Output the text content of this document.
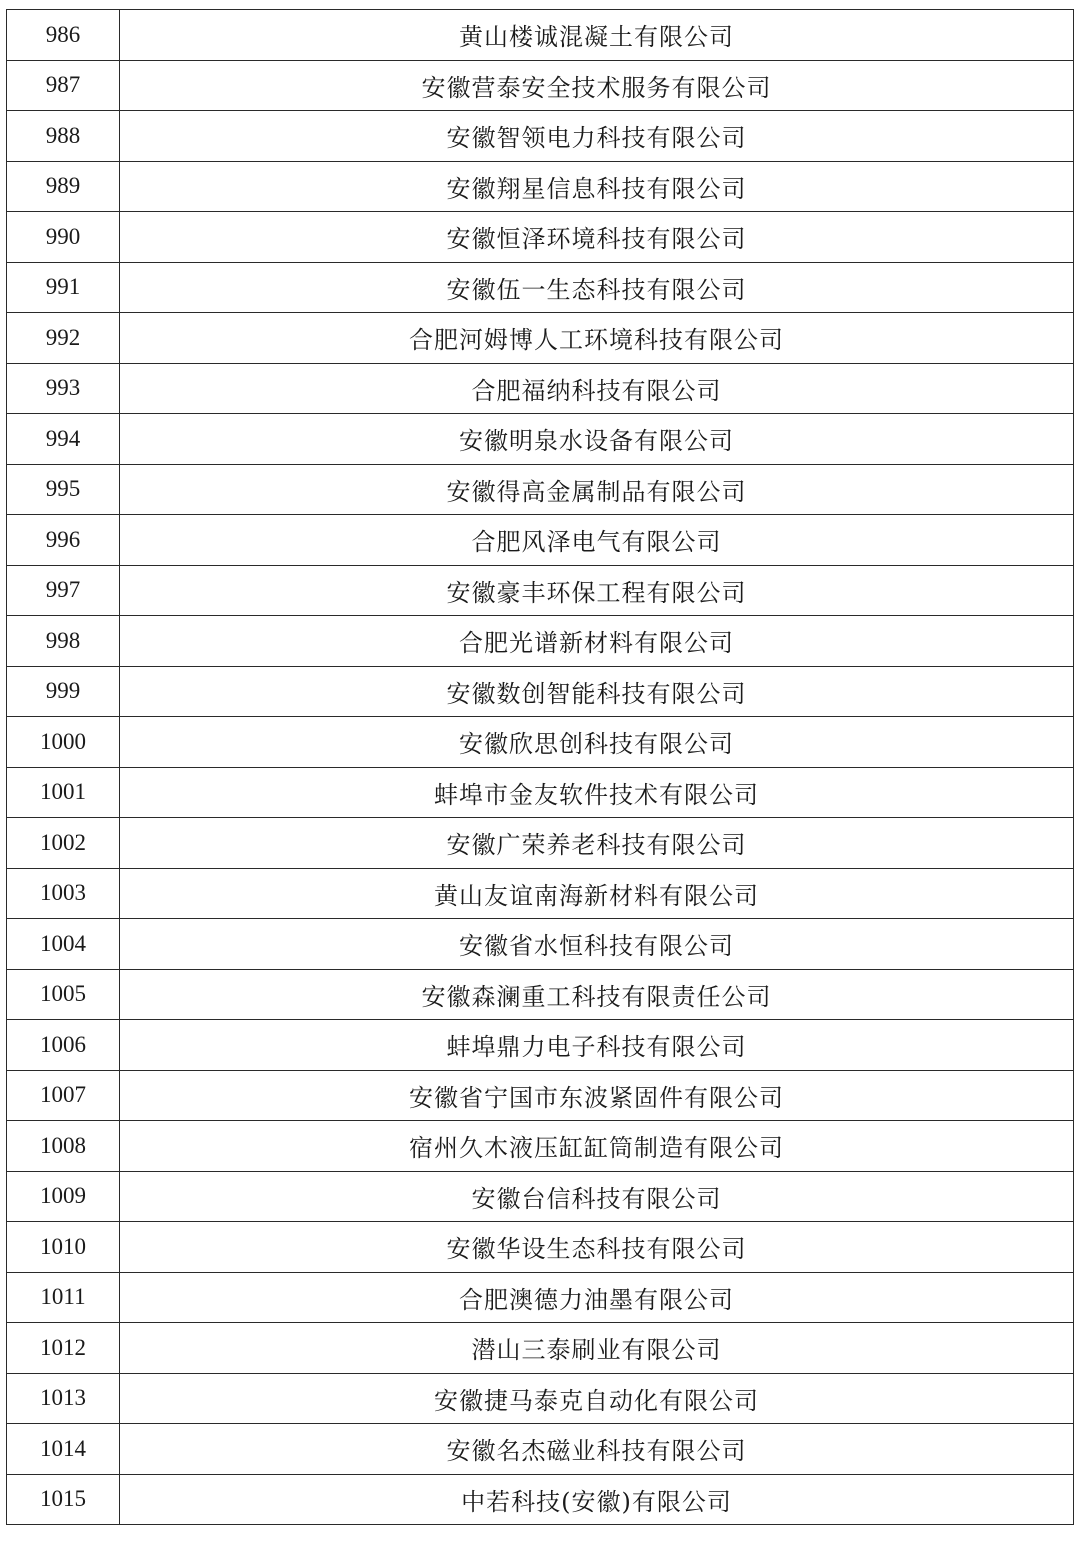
986	黄山楼诚混凝土有限公司
987	安徽营泰安全技术服务有限公司
988	安徽智领电力科技有限公司
989	安徽翔星信息科技有限公司
990	安徽恒泽环境科技有限公司
991	安徽伍一生态科技有限公司
992	合肥河姆博人工环境科技有限公司
993	合肥福纳科技有限公司
994	安徽明泉水设备有限公司
995	安徽得高金属制品有限公司
996	合肥风泽电气有限公司
997	安徽豪丰环保工程有限公司
998	合肥光谱新材料有限公司
999	安徽数创智能科技有限公司
1000	安徽欣思创科技有限公司
1001	蚌埠市金友软件技术有限公司
1002	安徽广荣养老科技有限公司
1003	黄山友谊南海新材料有限公司
1004	安徽省水恒科技有限公司
1005	安徽森澜重工科技有限责任公司
1006	蚌埠鼎力电子科技有限公司
1007	安徽省宁国市东波紧固件有限公司
1008	宿州久木液压缸缸筒制造有限公司
1009	安徽台信科技有限公司
1010	安徽华设生态科技有限公司
1011	合肥澳德力油墨有限公司
1012	潜山三泰刷业有限公司
1013	安徽捷马泰克自动化有限公司
1014	安徽名杰磁业科技有限公司
1015	中若科技(安徽)有限公司
